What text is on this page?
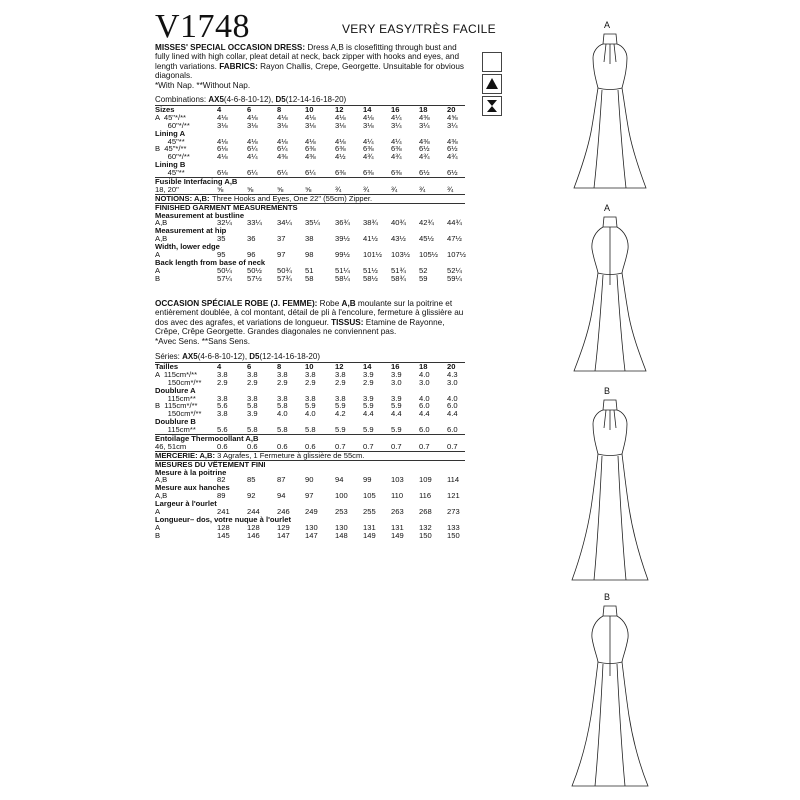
V1748	VERY EASY/TRÈS FACILE
MISSES' SPECIAL OCCASION DRESS: Dress A,B is closefitting through bust and fully lined with high collar, pleat detail at neck, back zipper with hooks and eyes, and length variations. FABRICS: Rayon Challis, Crepe, Georgette. Unsuitable for obvious diagonals.
*With Nap. **Without Nap.
Combinations: AX5(4-6-8-10-12), D5(12-14-16-18-20)
Sizes	4	6	8	10	12	14	16	18	20
A  45"*/**	4⅛	4⅛	4⅛ 4⅛	4⅛ 4⅛ 4¼ 4⅜ 4⅝
60"*/**	3⅛	3⅛	3⅛ 3⅛	3⅛ 3⅛ 3¼ 3¼ 3¼
Lining A
45"**	4⅛	4⅛	4⅛ 4⅛	4⅛ 4¼ 4¼ 4⅜ 4⅜
B  45"*/**	6⅛	6¼	6¼ 6⅜	6⅜ 6⅜ 6⅜ 6½ 6½
60"*/**	4⅛	4¼	4⅜ 4⅜	4½ 4¾ 4¾ 4¾ 4¾
Lining B
45"**	6⅛	6¼	6¼ 6¼	6⅜ 6⅜ 6⅜ 6½ 6½
Fusible Interfacing A,B
18, 20"	⅝	⅝	⅝	⅝	¾	¾	¾	¾	¾
NOTIONS: A,B: Three Hooks and Eyes, One 22" (55cm) Zipper.
FINISHED GARMENT MEASUREMENTS
Measurement at bustline
A,B	32¼ 33¼ 34¼ 35¼ 36¾ 38¾ 40¾ 42¾ 44¾
Measurement at hip
A,B	35	36	37	38	39½ 41½ 43½ 45½ 47½
Width, lower edge
A	95	96	97	98	99½ 101½ 103½ 105½ 107½
Back length from base of neck
A	50¼ 50½ 50¾ 51	51¼ 51½ 51¾ 52	52¼
B	57¼ 57½ 57¾ 58	58¼ 58½ 58¾ 59	59¼
OCCASION SPÉCIALE ROBE (J. FEMME): Robe A,B moulante sur la poitrine et entièrement doublée, à col montant, détail de pli à l'encolure, fermeture à glissière au dos avec des agrafes, et variations de longueur. TISSUS: Etamine de Rayonne, Crêpe, Crêpe Georgette. Grandes diagonales ne conviennent pas.
*Avec Sens. **Sans Sens.
Séries: AX5(4-6-8-10-12), D5(12-14-16-18-20)
Tailles	4	6	8	10	12	14	16	18	20
A  115cm*/**	3.8	3.8	3.8 3.8	3.8 3.9 3.9 4.0 4.3
150cm*/** 2.9	2.9	2.9 2.9	2.9 2.9 3.0 3.0 3.0
Doublure A
115cm**	3.8	3.8	3.8 3.8	3.8 3.9 3.9 4.0 4.0
B  115cm*/**	5.6	5.8	5.8 5.9	5.9 5.9 5.9 6.0 6.0
150cm*/** 3.8	3.9	4.0 4.0	4.2 4.4 4.4 4.4 4.4
Doublure B
115cm**	5.6	5.8	5.8 5.8	5.9 5.9 5.9 6.0 6.0
Entoilage Thermocollant A,B
46, 51cm	0.6	0.6	0.6 0.6	0.7 0.7 0.7 0.7 0.7
MERCERIE: A,B: 3 Agrafes, 1 Fermeture à glissière de 55cm.
MESURES DU VÊTEMENT FINI
Mesure à la poitrine
A,B	82	85	87	90	94	99	103 109 114
Mesure aux hanches
A,B	89	92	94	97	100 105 110 116 121
Largeur à l'ourlet
A	241 244 246 249 253 255 263 268 273
Longueur– dos, votre nuque à l'ourlet
A	128 128 129 130 130 131 131 132 133
B	145 146 147 147 148 149 149 150 150
A
A
B
B
